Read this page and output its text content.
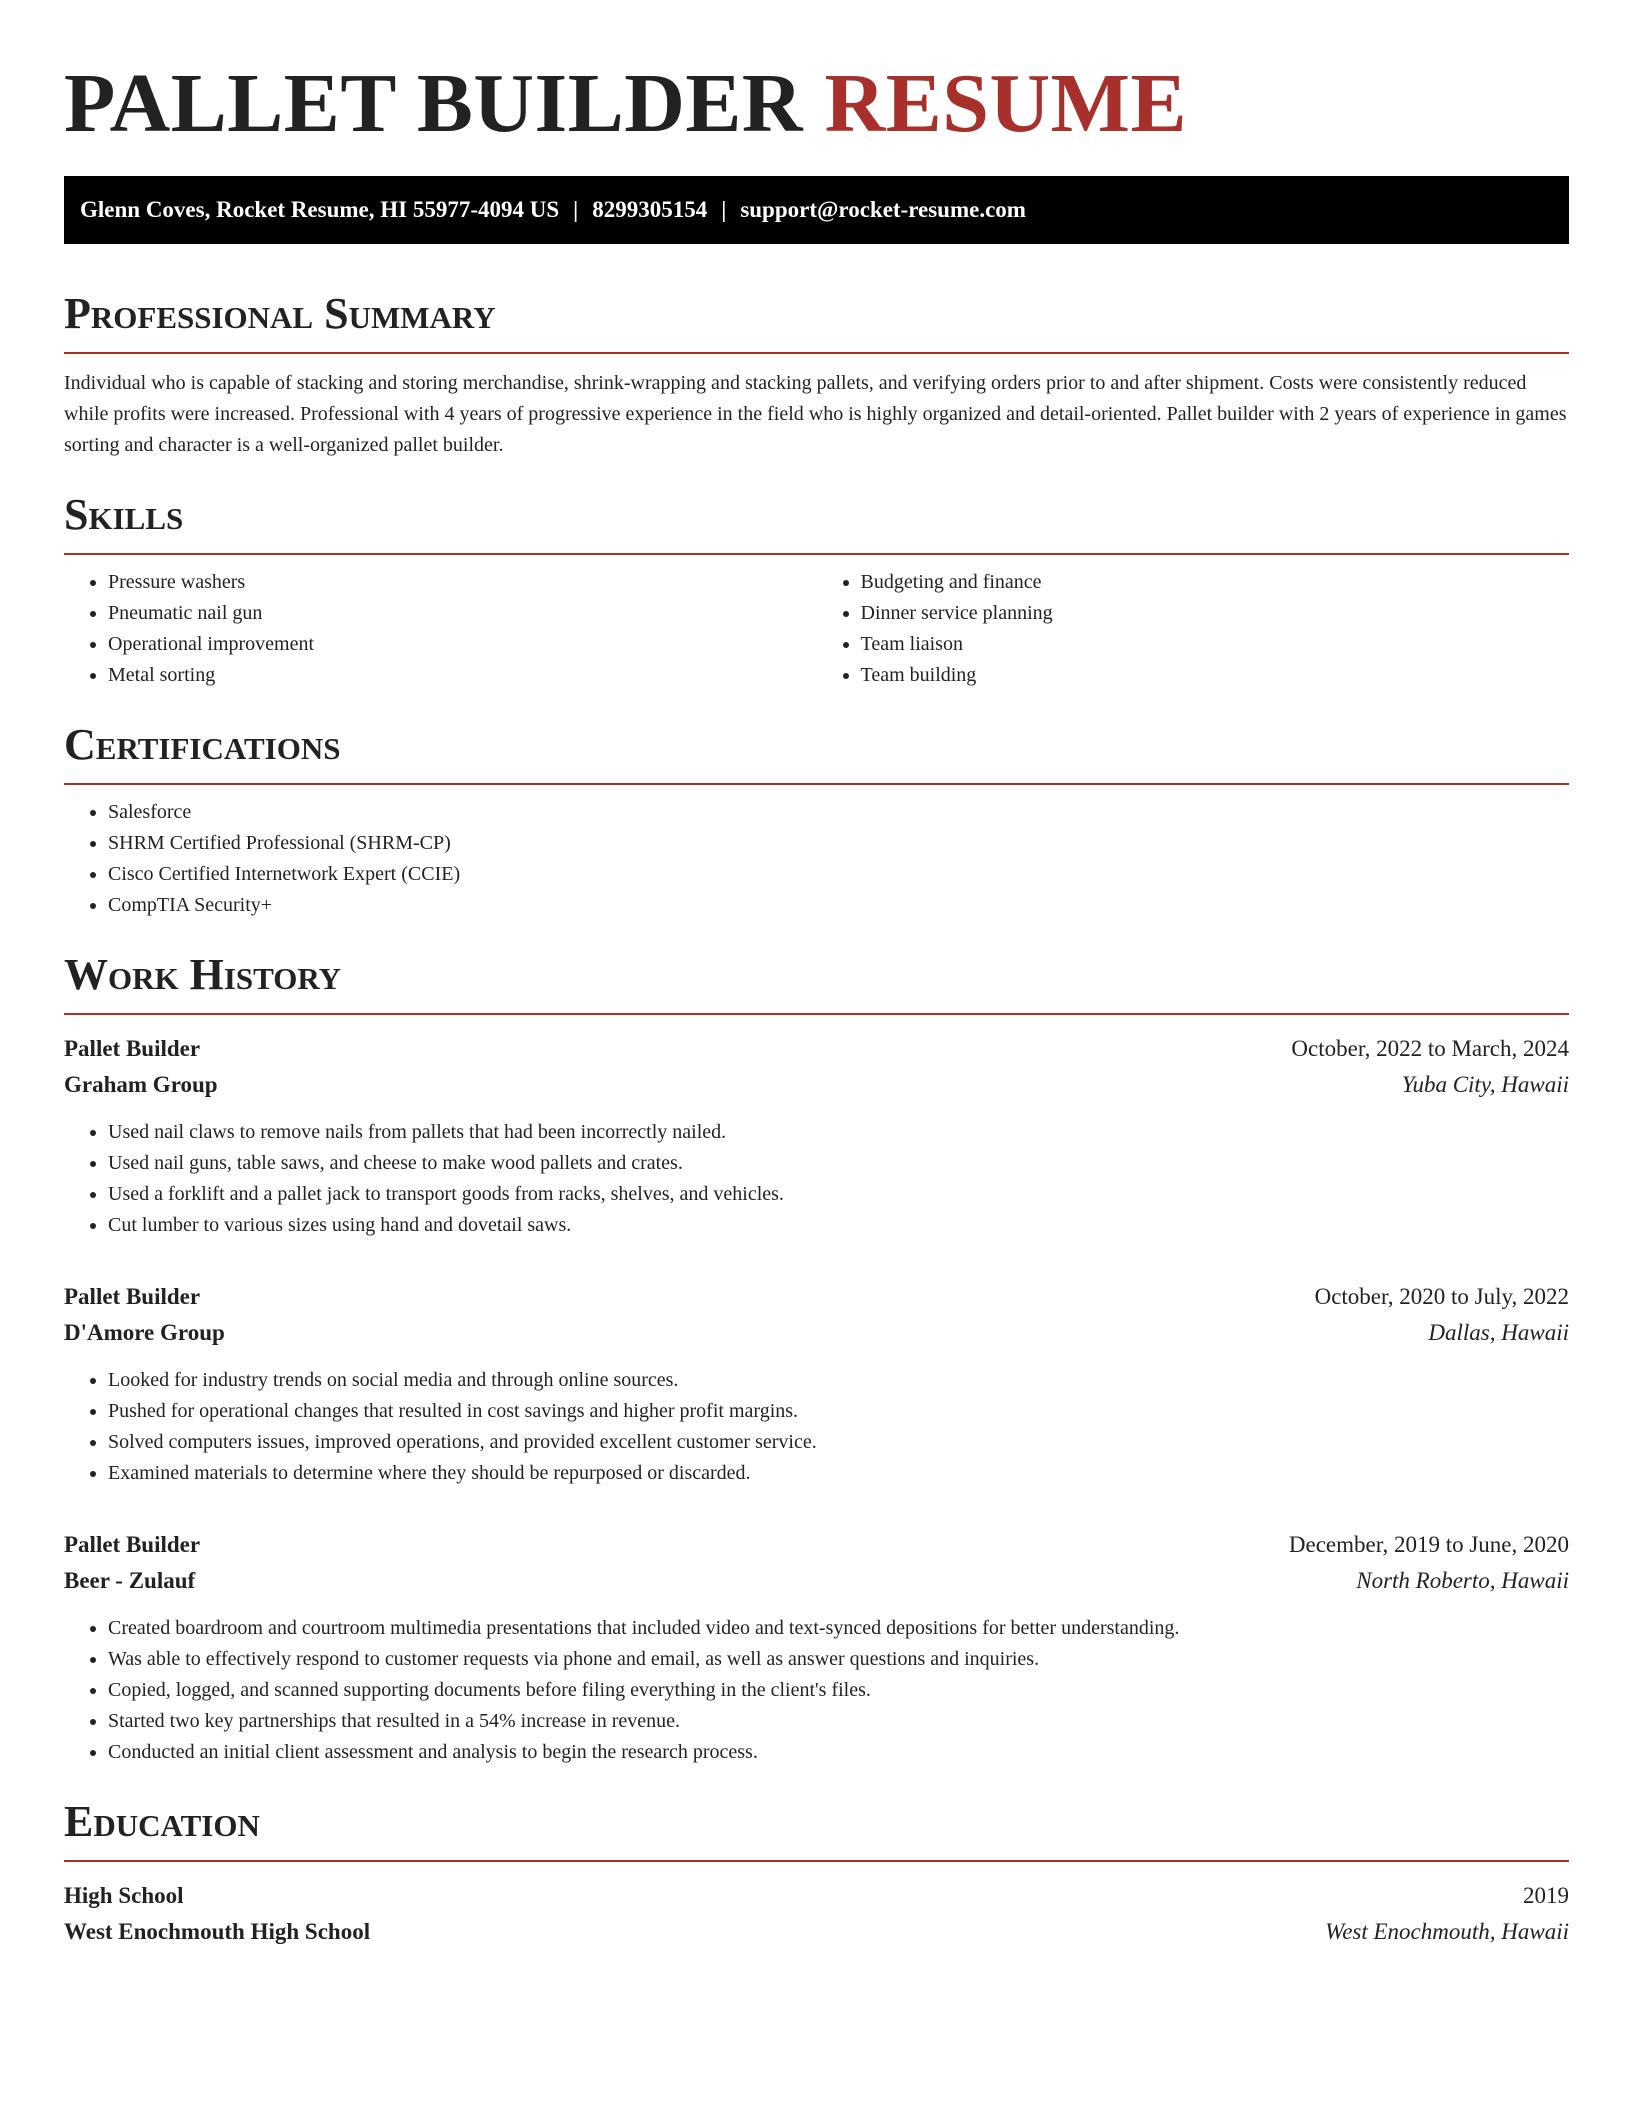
PALLET BUILDER RESUME
Glenn Coves, Rocket Resume, HI 55977-4094 US | 8299305154 | support@rocket-resume.com
Professional Summary

Individual who is capable of stacking and storing merchandise, shrink-wrapping and stacking pallets, and verifying orders prior to and after shipment. Costs were consistently reduced while profits were increased. Professional with 4 years of progressive experience in the field who is highly organized and detail-oriented. Pallet builder with 2 years of experience in games sorting and character is a well-organized pallet builder.

Skills
• Pressure washers
• Pneumatic nail gun
• Operational improvement
• Metal sorting
• Budgeting and finance
• Dinner service planning
• Team liaison
• Team building
Certifications
• Salesforce
• SHRM Certified Professional (SHRM-CP)
• Cisco Certified Internetwork Expert (CCIE)
• CompTIA Security+
Work History
Pallet Builder	October, 2022 to March, 2024
Graham Group	Yuba City, Hawaii
• Used nail claws to remove nails from pallets that had been incorrectly nailed.
• Used nail guns, table saws, and cheese to make wood pallets and crates.
• Used a forklift and a pallet jack to transport goods from racks, shelves, and vehicles.
• Cut lumber to various sizes using hand and dovetail saws.
Pallet Builder	October, 2020 to July, 2022
D'Amore Group	Dallas, Hawaii
• Looked for industry trends on social media and through online sources.
• Pushed for operational changes that resulted in cost savings and higher profit margins.
• Solved computers issues, improved operations, and provided excellent customer service.
• Examined materials to determine where they should be repurposed or discarded.
Pallet Builder	December, 2019 to June, 2020
Beer - Zulauf	North Roberto, Hawaii
• Created boardroom and courtroom multimedia presentations that included video and text-synced depositions for better understanding.
• Was able to effectively respond to customer requests via phone and email, as well as answer questions and inquiries.
• Copied, logged, and scanned supporting documents before filing everything in the client's files.
• Started two key partnerships that resulted in a 54% increase in revenue.
• Conducted an initial client assessment and analysis to begin the research process.
Education
High School	2019
West Enochmouth High School	West Enochmouth, Hawaii
